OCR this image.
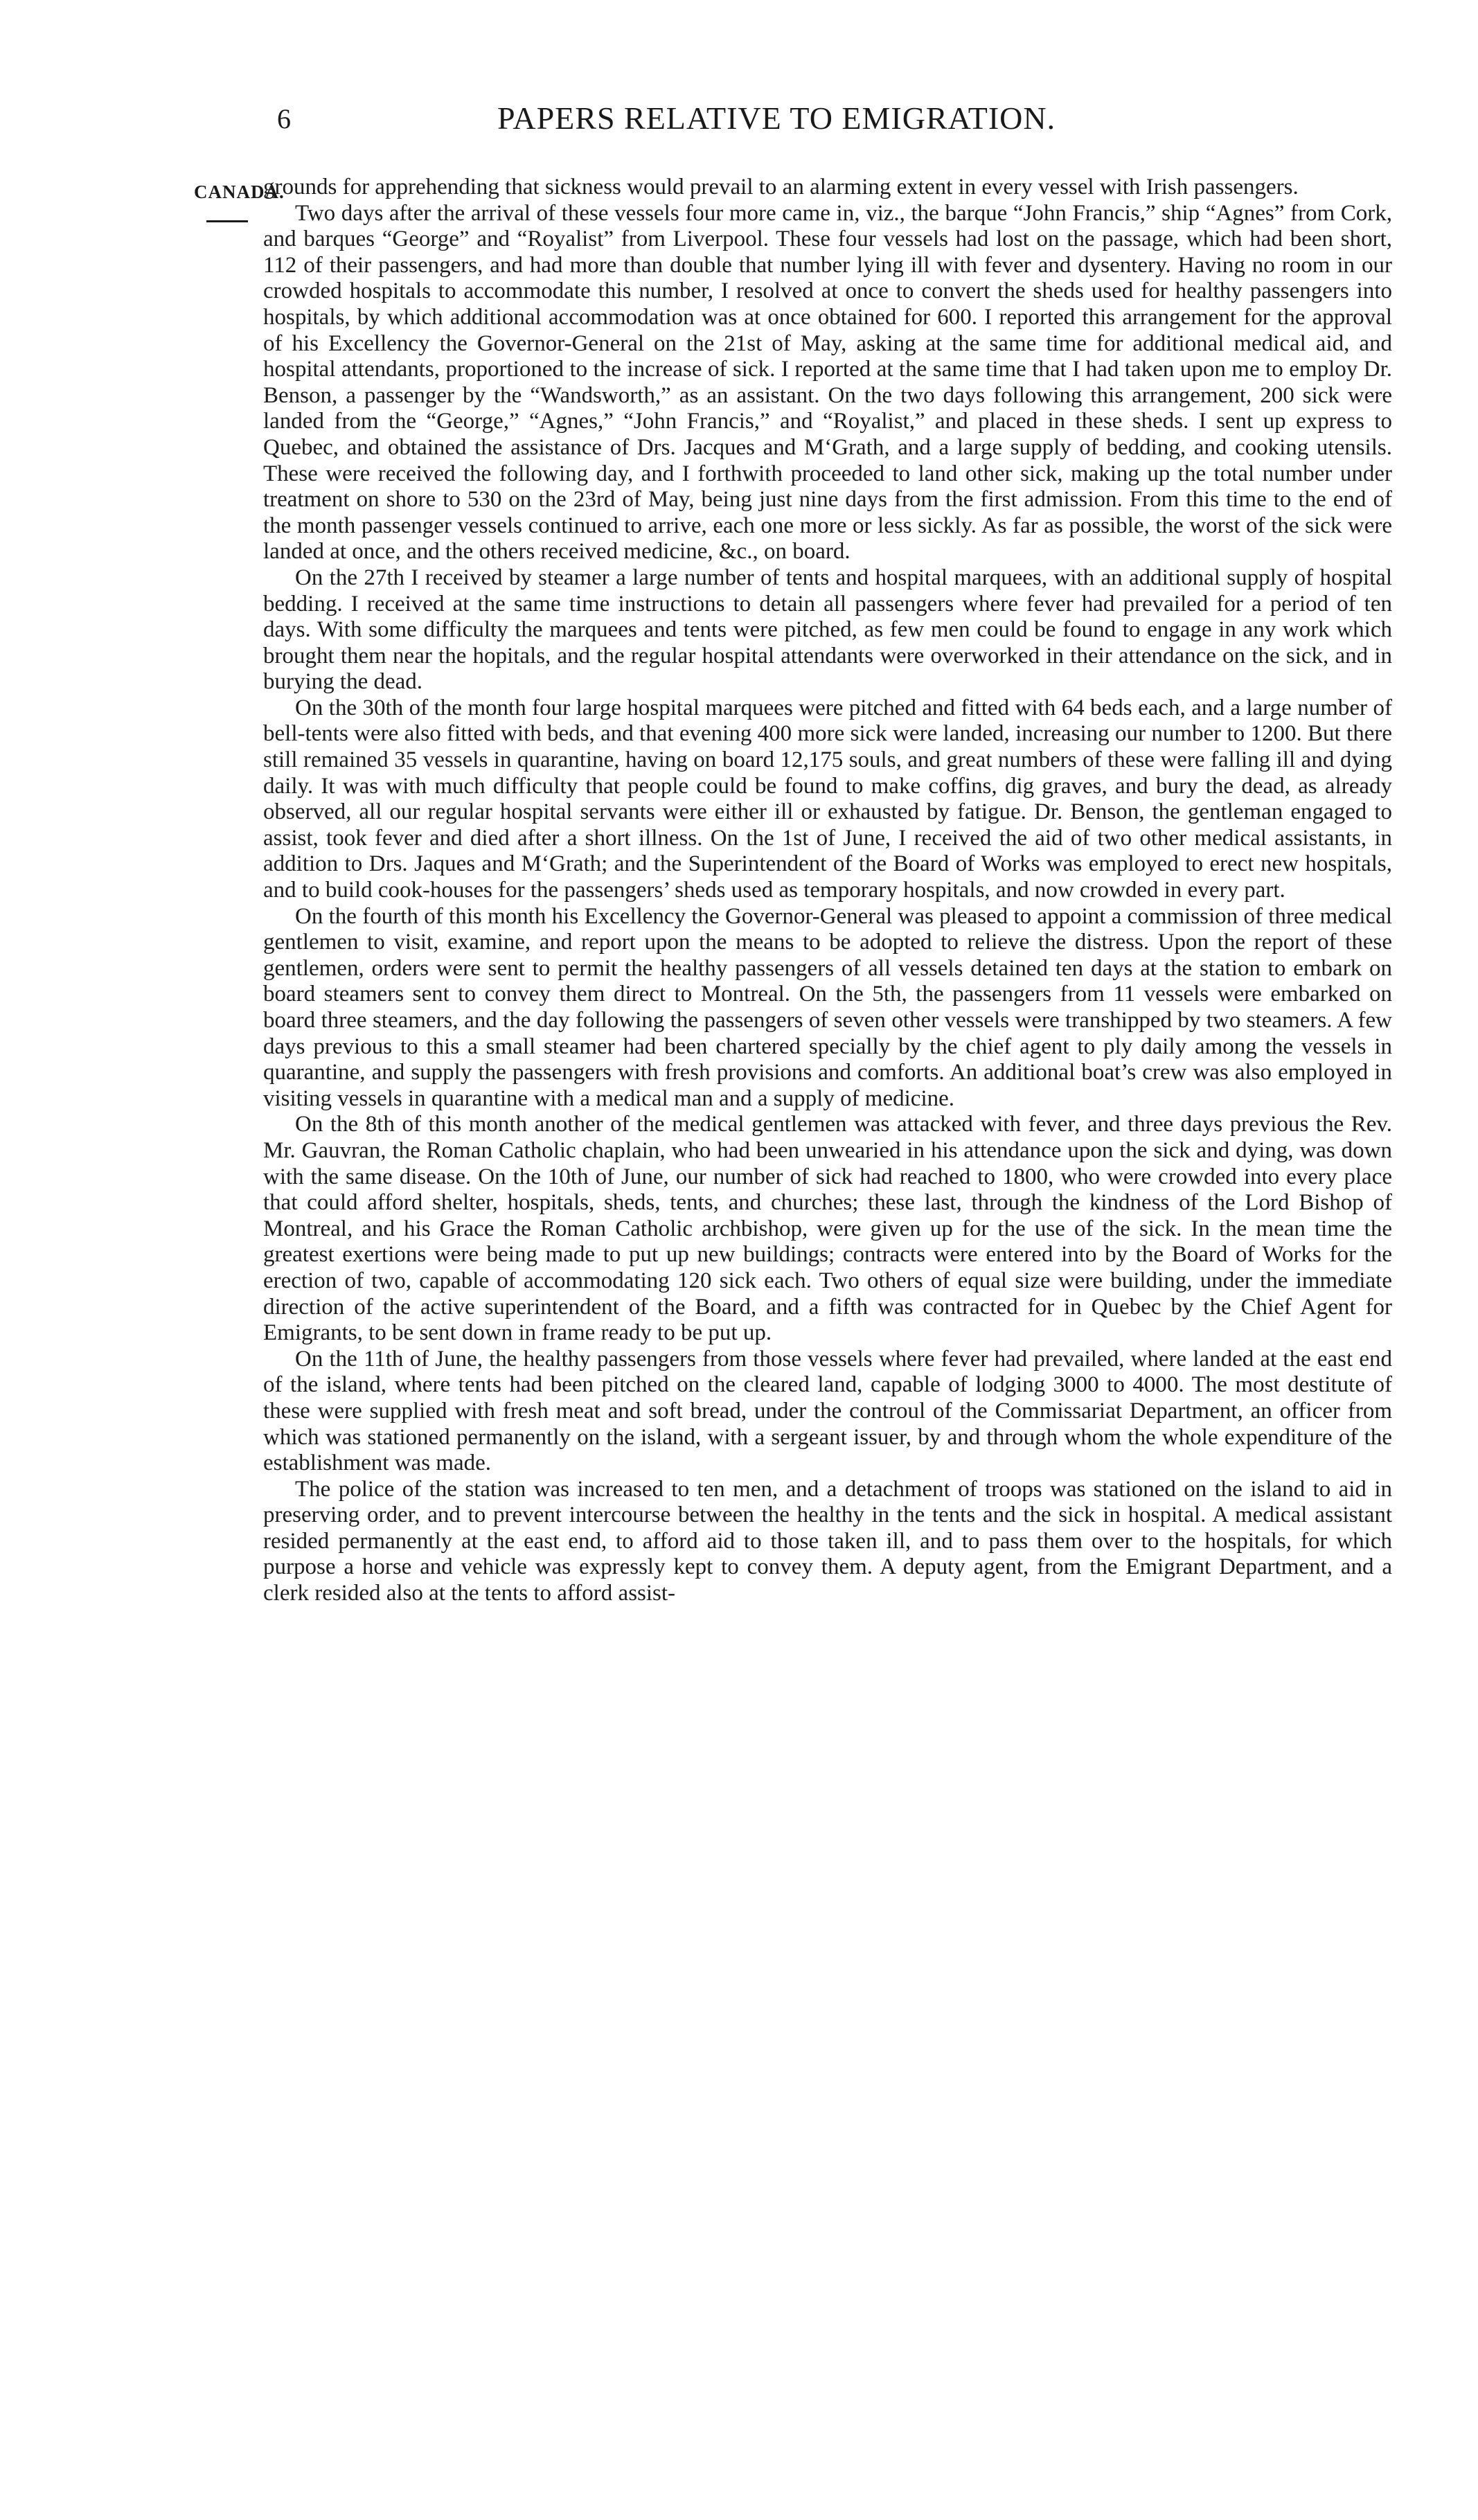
6	PAPERS RELATIVE TO EMIGRATION.
CANADA.

grounds for apprehending that sickness would prevail to an alarming extent in every vessel with Irish passengers.

Two days after the arrival of these vessels four more came in, viz., the barque “John Francis,” ship “Agnes” from Cork, and barques “George” and “Royalist” from Liverpool. These four vessels had lost on the passage, which had been short, 112 of their passengers, and had more than double that number lying ill with fever and dysentery. Having no room in our crowded hospitals to accommodate this number, I resolved at once to convert the sheds used for healthy passengers into hospitals, by which additional accommodation was at once obtained for 600. I reported this arrangement for the approval of his Excellency the Governor-General on the 21st of May, asking at the same time for additional medical aid, and hospital attendants, proportioned to the increase of sick. I reported at the same time that I had taken upon me to employ Dr. Benson, a passenger by the “Wandsworth,” as an assistant. On the two days following this arrangement, 200 sick were landed from the “George,” “Agnes,” “John Francis,” and “Royalist,” and placed in these sheds. I sent up express to Quebec, and obtained the assistance of Drs. Jacques and M‘Grath, and a large supply of bedding, and cooking utensils. These were received the following day, and I forthwith proceeded to land other sick, making up the total number under treatment on shore to 530 on the 23rd of May, being just nine days from the first admission. From this time to the end of the month passenger vessels continued to arrive, each one more or less sickly. As far as possible, the worst of the sick were landed at once, and the others received medicine, &c., on board.

On the 27th I received by steamer a large number of tents and hospital marquees, with an additional supply of hospital bedding. I received at the same time instructions to detain all passengers where fever had prevailed for a period of ten days. With some difficulty the marquees and tents were pitched, as few men could be found to engage in any work which brought them near the hopitals, and the regular hospital attendants were overworked in their attendance on the sick, and in burying the dead.

On the 30th of the month four large hospital marquees were pitched and fitted with 64 beds each, and a large number of bell-tents were also fitted with beds, and that evening 400 more sick were landed, increasing our number to 1200. But there still remained 35 vessels in quarantine, having on board 12,175 souls, and great numbers of these were falling ill and dying daily. It was with much difficulty that people could be found to make coffins, dig graves, and bury the dead, as already observed, all our regular hospital servants were either ill or exhausted by fatigue. Dr. Benson, the gentleman engaged to assist, took fever and died after a short illness. On the 1st of June, I received the aid of two other medical assistants, in addition to Drs. Jaques and M‘Grath; and the Superintendent of the Board of Works was employed to erect new hospitals, and to build cook-houses for the passengers’ sheds used as temporary hospitals, and now crowded in every part.

On the fourth of this month his Excellency the Governor-General was pleased to appoint a commission of three medical gentlemen to visit, examine, and report upon the means to be adopted to relieve the distress. Upon the report of these gentlemen, orders were sent to permit the healthy passengers of all vessels detained ten days at the station to embark on board steamers sent to convey them direct to Montreal. On the 5th, the passengers from 11 vessels were embarked on board three steamers, and the day following the passengers of seven other vessels were transhipped by two steamers. A few days previous to this a small steamer had been chartered specially by the chief agent to ply daily among the vessels in quarantine, and supply the passengers with fresh provisions and comforts. An additional boat’s crew was also employed in visiting vessels in quarantine with a medical man and a supply of medicine.

On the 8th of this month another of the medical gentlemen was attacked with fever, and three days previous the Rev. Mr. Gauvran, the Roman Catholic chaplain, who had been unwearied in his attendance upon the sick and dying, was down with the same disease. On the 10th of June, our number of sick had reached to 1800, who were crowded into every place that could afford shelter, hospitals, sheds, tents, and churches; these last, through the kindness of the Lord Bishop of Montreal, and his Grace the Roman Catholic archbishop, were given up for the use of the sick. In the mean time the greatest exertions were being made to put up new buildings; contracts were entered into by the Board of Works for the erection of two, capable of accommodating 120 sick each. Two others of equal size were building, under the immediate direction of the active superintendent of the Board, and a fifth was contracted for in Quebec by the Chief Agent for Emigrants, to be sent down in frame ready to be put up.

On the 11th of June, the healthy passengers from those vessels where fever had prevailed, where landed at the east end of the island, where tents had been pitched on the cleared land, capable of lodging 3000 to 4000. The most destitute of these were supplied with fresh meat and soft bread, under the controul of the Commissariat Department, an officer from which was stationed permanently on the island, with a sergeant issuer, by and through whom the whole expenditure of the establishment was made.

The police of the station was increased to ten men, and a detachment of troops was stationed on the island to aid in preserving order, and to prevent intercourse between the healthy in the tents and the sick in hospital. A medical assistant resided permanently at the east end, to afford aid to those taken ill, and to pass them over to the hospitals, for which purpose a horse and vehicle was expressly kept to convey them. A deputy agent, from the Emigrant Department, and a clerk resided also at the tents to afford assist-
